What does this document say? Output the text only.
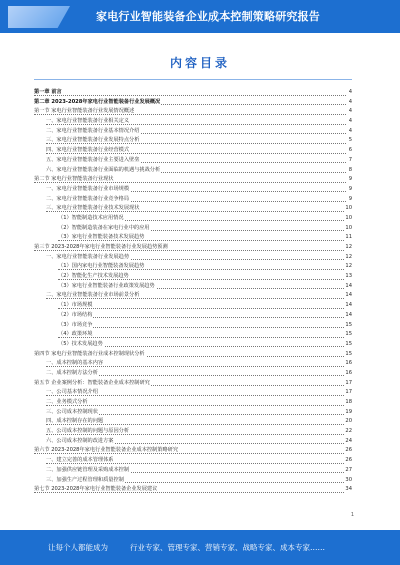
家电行业智能装备企业成本控制策略研究报告
内容目录
第一章 前言	4
第二章 2023-2028年家电行业智能装备行业发展概况	4
第一节 家电行业智能装备行业发展情况概述	4
一、家电行业智能装备行业相关定义	4
二、家电行业智能装备行业基本情况介绍	4
三、家电行业智能装备行业发展特点分析	5
四、家电行业智能装备行业经营模式	6
五、家电行业智能装备行业主要进入壁垒	7
六、家电行业智能装备行业面临的机遇与挑战分析	8
第二节 家电行业智能装备行业现状	9
一、家电行业智能装备行业市场规模	9
二、家电行业智能装备行业竞争格局	9
三、家电行业智能装备行业技术发展现状	10
（1）智能制造技术应用情况	10
（2）智能制造装备在家电行业中的应用	10
（3）家电行业智能装备技术发展趋势	11
第三节 2023-2028年家电行业智能装备行业发展趋势预测	12
一、家电行业智能装备行业发展趋势	12
（1）国内家电行业智能装备发展趋势	12
（2）智能化生产技术发展趋势	13
（3）家电行业智能装备行业政策发展趋势	14
二、家电行业智能装备行业市场前景分析	14
（1）市场规模	14
（2）市场结构	14
（3）市场竞争	15
（4）政策环境	15
（5）技术发展趋势	15
第四节 家电行业智能装备行业成本控制现状分析	15
一、成本控制的基本内容	16
二、成本控制方法分析	16
第五节 企业案例分析：智能装备企业成本控制研究	17
一、公司基本情况介绍	17
二、业务模式分析	18
三、公司成本控制现状	19
四、成本控制存在的问题	20
五、公司成本控制的问题与原因分析	22
六、公司成本控制的改进方案	24
第六节 2023-2028年家电行业智能装备企业成本控制策略研究	26
一、建立完善的成本管理体系	26
二、加强供应链管理及采购成本控制	27
三、加强生产过程管理和质量控制	30
第七节 2023-2028年家电行业智能装备企业发展建议	34
1
让每个人都能成为	行业专家、管理专家、营销专家、战略专家、成本专家……
